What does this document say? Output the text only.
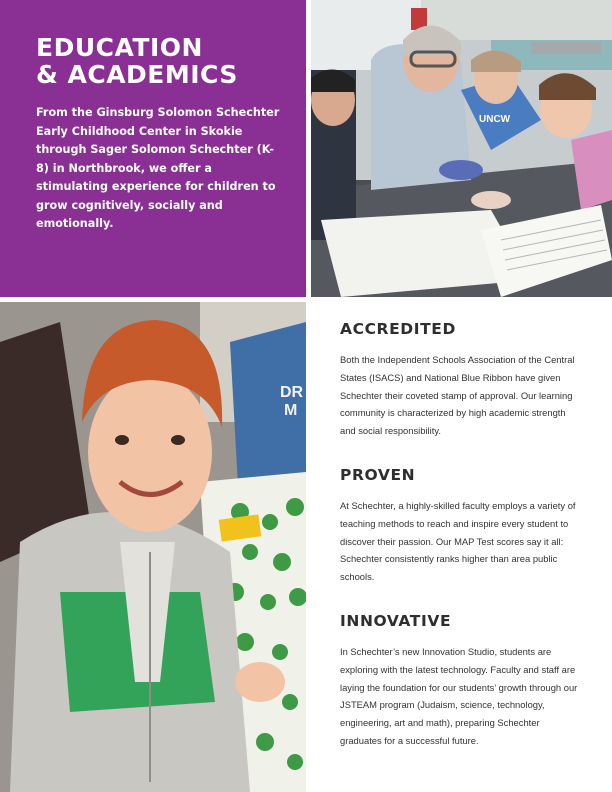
EDUCATION
& ACADEMICS

From the Ginsburg Solomon Schechter Early Childhood Center in Skokie through Sager Solomon Schechter (K-8) in Northbrook, we offer a stimulating experience for children to grow cognitively, socially and emotionally.

UNCW
DR
M
ACCREDITED

Both the Independent Schools Association of the Central States (ISACS) and National Blue Ribbon have given Schechter their coveted stamp of approval. Our learning community is characterized by high academic strength and social responsibility.

PROVEN

At Schechter, a highly-skilled faculty employs a variety of teaching methods to reach and inspire every student to discover their passion. Our MAP Test scores say it all: Schechter consistently ranks higher than area public schools.

INNOVATIVE

In Schechter’s new Innovation Studio, students are exploring with the latest technology. Faculty and staff are laying the foundation for our students’ growth through our JSTEAM program (Judaism, science, technology, engineering, art and math), preparing Schechter graduates for a successful future.
